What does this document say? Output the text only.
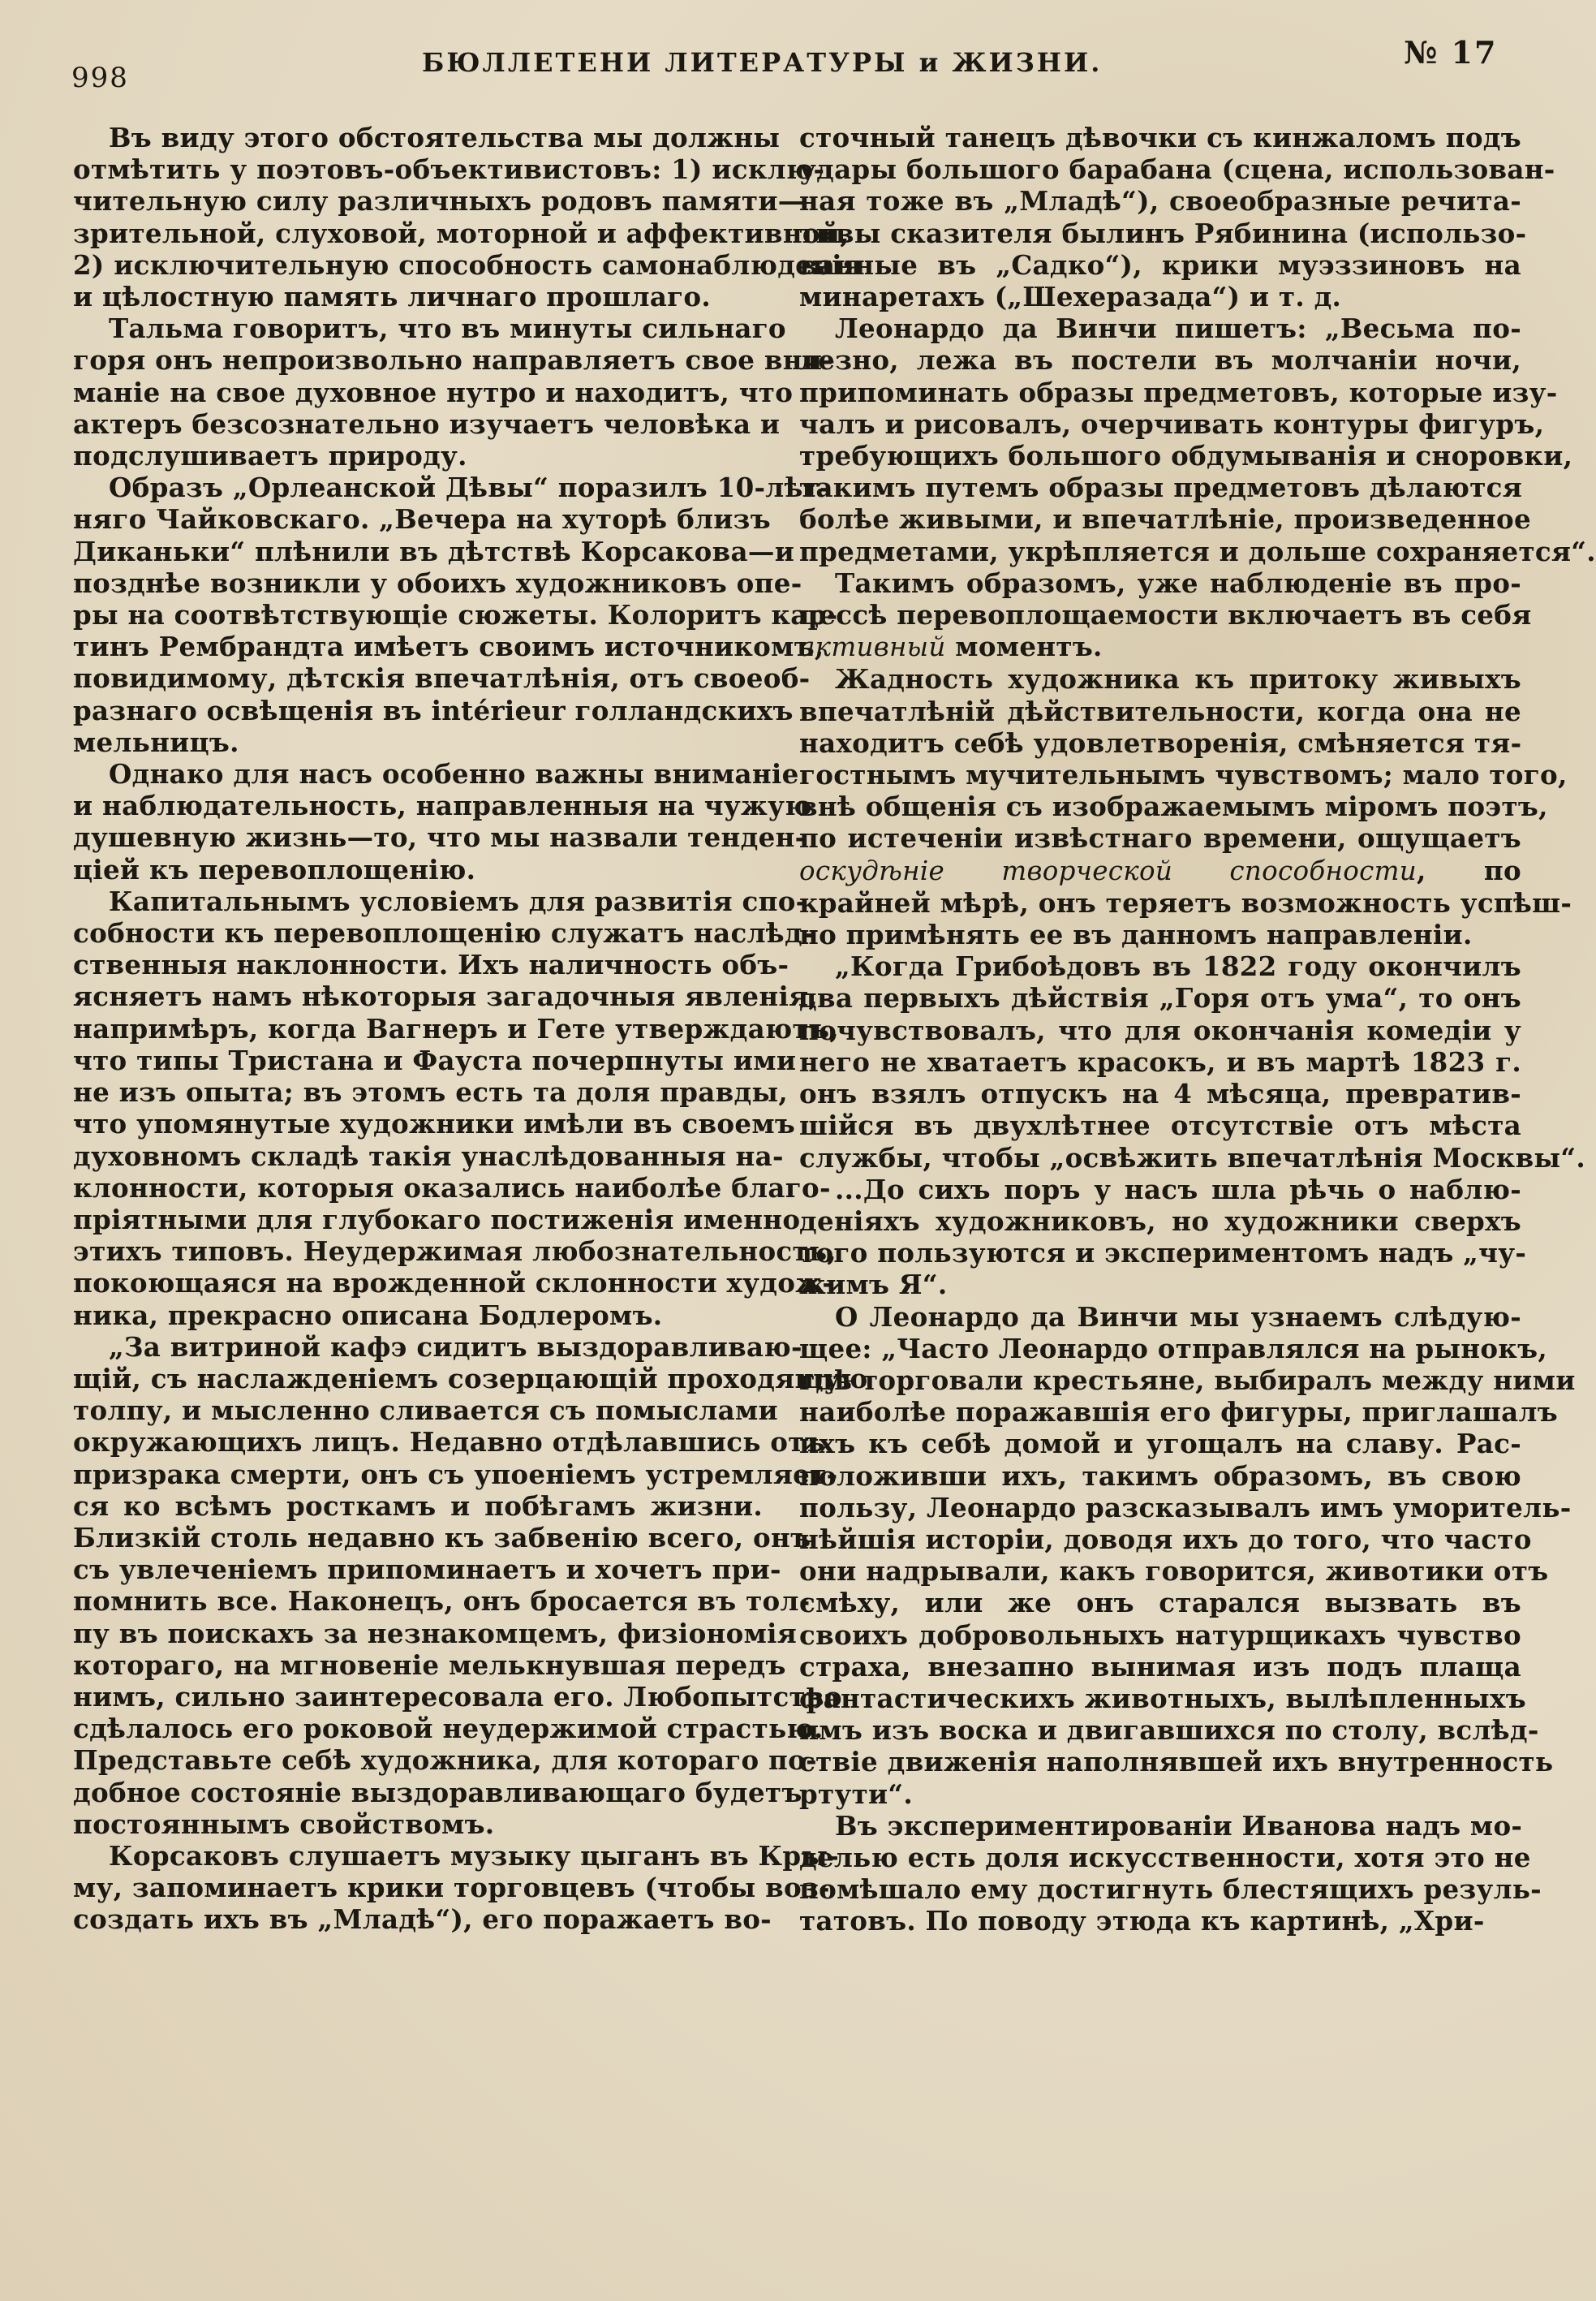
998	БЮЛЛЕТЕНИ ЛИТЕРАТУРЫ и ЖИЗНИ.	№ 17

Въ виду этого обстоятельства мы должны
отмѣтить у поэтовъ-объективистовъ: 1) исклю-
чительную силу различныхъ родовъ памяти—
зрительной, слуховой, моторной и аффективной,
2) исключительную способность самонаблюденія
и цѣлостную память личнаго прошлаго.

Тальма говоритъ, что въ минуты сильнаго
горя онъ непроизвольно направляетъ свое вни-
маніе на свое духовное нутро и находитъ, что
актеръ безсознательно изучаетъ человѣка и
подслушиваетъ природу.

Образъ „Орлеанской Дѣвы“ поразилъ 10-лѣт-
няго Чайковскаго. „Вечера на хуторѣ близъ
Диканьки“ плѣнили въ дѣтствѣ Корсакова—и
позднѣе возникли у обоихъ художниковъ опе-
ры на соотвѣтствующіе сюжеты. Колоритъ кар-
тинъ Рембрандта имѣетъ своимъ источникомъ,
повидимому, дѣтскія впечатлѣнія, отъ своеоб-
разнаго освѣщенія въ intérieur голландскихъ
мельницъ.

Однако для насъ особенно важны вниманіе
и наблюдательность, направленныя на чужую
душевную жизнь—то, что мы назвали тенден-
ціей къ перевоплощенію.

Капитальнымъ условіемъ для развитія спо-
собности къ перевоплощенію служатъ наслѣд-
ственныя наклонности. Ихъ наличность объ-
ясняетъ намъ нѣкоторыя загадочныя явленія,
напримѣръ, когда Вагнеръ и Гете утверждаютъ,
что типы Тристана и Фауста почерпнуты ими
не изъ опыта; въ этомъ есть та доля правды,
что упомянутые художники имѣли въ своемъ
духовномъ складѣ такія унаслѣдованныя на-
клонности, которыя оказались наиболѣе благо-
пріятными для глубокаго постиженія именно
этихъ типовъ. Неудержимая любознательность,
покоющаяся на врожденной склонности худож-
ника, прекрасно описана Бодлеромъ.

„За витриной кафэ сидитъ выздоравливаю-
щій, съ наслажденіемъ созерцающій проходящую
толпу, и мысленно сливается съ помыслами
окружающихъ лицъ. Недавно отдѣлавшись отъ
призрака смерти, онъ съ упоеніемъ устремляет-
ся ко всѣмъ росткамъ и побѣгамъ жизни.
Близкій столь недавно къ забвенію всего, онъ
съ увлеченіемъ припоминаетъ и хочетъ при-
помнить все. Наконецъ, онъ бросается въ тол-
пу въ поискахъ за незнакомцемъ, физіономія
котораго, на мгновеніе мелькнувшая передъ
нимъ, сильно заинтересовала его. Любопытство
сдѣлалось его роковой неудержимой страстью.
Представьте себѣ художника, для котораго по-
добное состояніе выздоравливающаго будетъ
постояннымъ свойствомъ.

Корсаковъ слушаетъ музыку цыганъ въ Кры-
му, запоминаетъ крики торговцевъ (чтобы воз-
создать ихъ въ „Младѣ“), его поражаетъ во-

сточный танецъ дѣвочки съ кинжаломъ подъ
удары большого барабана (сцена, использован-
ная тоже въ „Младѣ“), своеобразные речита-
тивы сказителя былинъ Рябинина (использо-
ванные въ „Садко“), крики муэззиновъ на
минаретахъ („Шехеразада“) и т. д.

Леонардо да Винчи пишетъ: „Весьма по-
лезно, лежа въ постели въ молчаніи ночи,
припоминать образы предметовъ, которые изу-
чалъ и рисовалъ, очерчивать контуры фигуръ,
требующихъ большого обдумыванія и сноровки,
такимъ путемъ образы предметовъ дѣлаются
болѣе живыми, и впечатлѣніе, произведенное
предметами, укрѣпляется и дольше сохраняется“.

Такимъ образомъ, уже наблюденіе въ про-
цессѣ перевоплощаемости включаетъ въ себя
активный моментъ.

Жадность художника къ притоку живыхъ
впечатлѣній дѣйствительности, когда она не
находитъ себѣ удовлетворенія, смѣняется тя-
гостнымъ мучительнымъ чувствомъ; мало того,
внѣ общенія съ изображаемымъ міромъ поэтъ,
по истеченіи извѣстнаго времени, ощущаетъ
оскудѣніе творческой способности, по
крайней мѣрѣ, онъ теряетъ возможность успѣш-
но примѣнять ее въ данномъ направленіи.

„Когда Грибоѣдовъ въ 1822 году окончилъ
два первыхъ дѣйствія „Горя отъ ума“, то онъ
почувствовалъ, что для окончанія комедіи у
него не хватаетъ красокъ, и въ мартѣ 1823 г.
онъ взялъ отпускъ на 4 мѣсяца, превратив-
шійся въ двухлѣтнее отсутствіе отъ мѣста
службы, чтобы „освѣжить впечатлѣнія Москвы“.

...До сихъ поръ у насъ шла рѣчь о наблю-
деніяхъ художниковъ, но художники сверхъ
того пользуются и экспериментомъ надъ „чу-
жимъ Я“.

О Леонардо да Винчи мы узнаемъ слѣдую-
щее: „Часто Леонардо отправлялся на рынокъ,
гдѣ торговали крестьяне, выбиралъ между ними
наиболѣе поражавшія его фигуры, приглашалъ
ихъ къ себѣ домой и угощалъ на славу. Рас-
положивши ихъ, такимъ образомъ, въ свою
пользу, Леонардо разсказывалъ имъ уморитель-
нѣйшія исторіи, доводя ихъ до того, что часто
они надрывали, какъ говорится, животики отъ
смѣху, или же онъ старался вызвать въ
своихъ добровольныхъ натурщикахъ чувство
страха, внезапно вынимая изъ подъ плаща
фантастическихъ животныхъ, вылѣпленныхъ
имъ изъ воска и двигавшихся по столу, вслѣд-
ствіе движенія наполнявшей ихъ внутренность
ртути“.

Въ экспериментированіи Иванова надъ мо-
делью есть доля искусственности, хотя это не
помѣшало ему достигнуть блестящихъ резуль-
татовъ. По поводу этюда къ картинѣ, „Хри-
